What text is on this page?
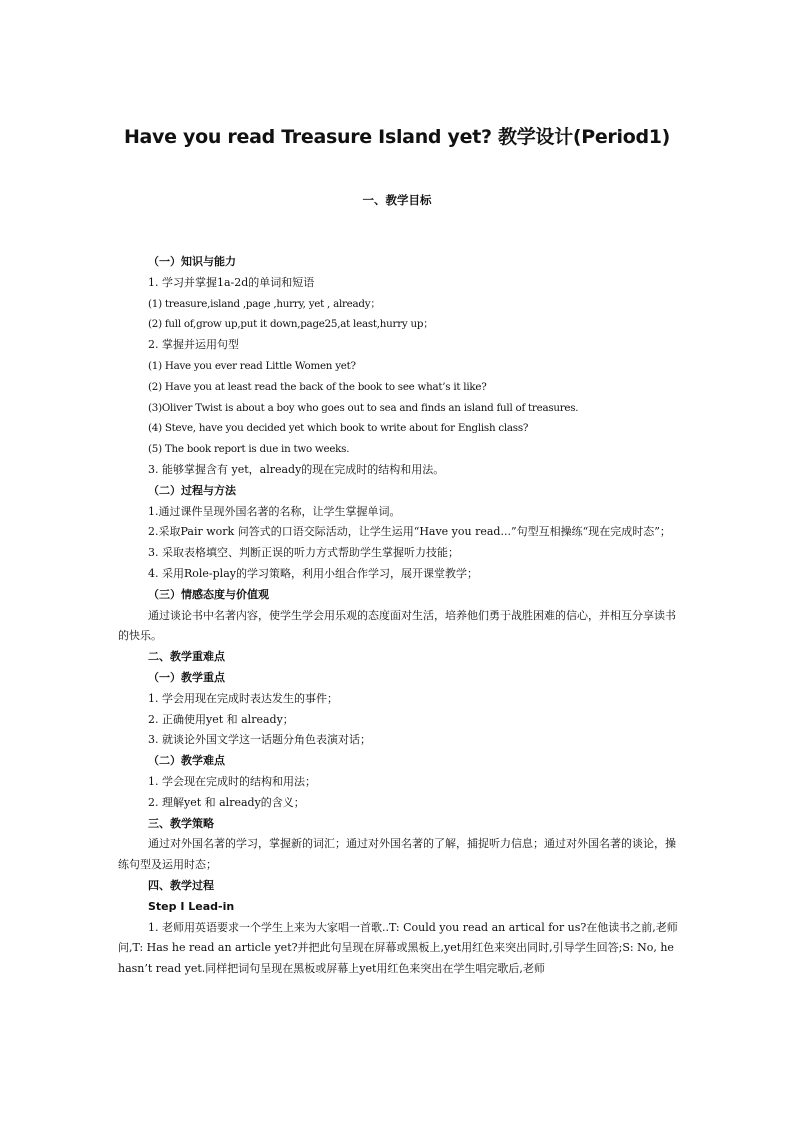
Have you read Treasure Island yet? 教学设计(Period1)
一、教学目标
（一）知识与能力
1. 学习并掌握1a-2d的单词和短语
(1) treasure,island ,page ,hurry, yet , already；
(2) full of,grow up,put it down,page25,at least,hurry up；
2. 掌握并运用句型
(1) Have you ever read Little Women yet?
(2) Have you at least read the back of the book to see what’s it like?
(3)Oliver Twist is about a boy who goes out to sea and finds an island full of treasures.
(4) Steve, have you decided yet which book to write about for English class?
(5) The book report is due in two weeks.
3. 能够掌握含有 yet，already的现在完成时的结构和用法。
（二）过程与方法
1.通过课件呈现外国名著的名称，让学生掌握单词。
2.采取Pair work 问答式的口语交际活动，让学生运用“Have you read...”句型互相操练“现在完成时态”；
3. 采取表格填空、判断正误的听力方式帮助学生掌握听力技能；
4. 采用Role-play的学习策略，利用小组合作学习，展开课堂教学；
（三）情感态度与价值观
通过谈论书中名著内容，使学生学会用乐观的态度面对生活，培养他们勇于战胜困难的信心，并相互分享读书的快乐。
二、教学重难点
（一）教学重点
1. 学会用现在完成时表达发生的事件；
2. 正确使用yet 和 already；
3. 就谈论外国文学这一话题分角色表演对话；
（二）教学难点
1. 学会现在完成时的结构和用法；
2. 理解yet 和 already的含义；
三、教学策略
通过对外国名著的学习，掌握新的词汇；通过对外国名著的了解，捕捉听力信息；通过对外国名著的谈论，操练句型及运用时态；
四、教学过程
Step I Lead-in
1. 老师用英语要求一个学生上来为大家唱一首歌..T: Could you read an artical for us?在他读书之前,老师问,T: Has he read an article yet?并把此句呈现在屏幕或黑板上,yet用红色来突出同时,引导学生回答;S: No, he hasn’t read yet.同样把词句呈现在黑板或屏幕上yet用红色来突出在学生唱完歌后,老师
